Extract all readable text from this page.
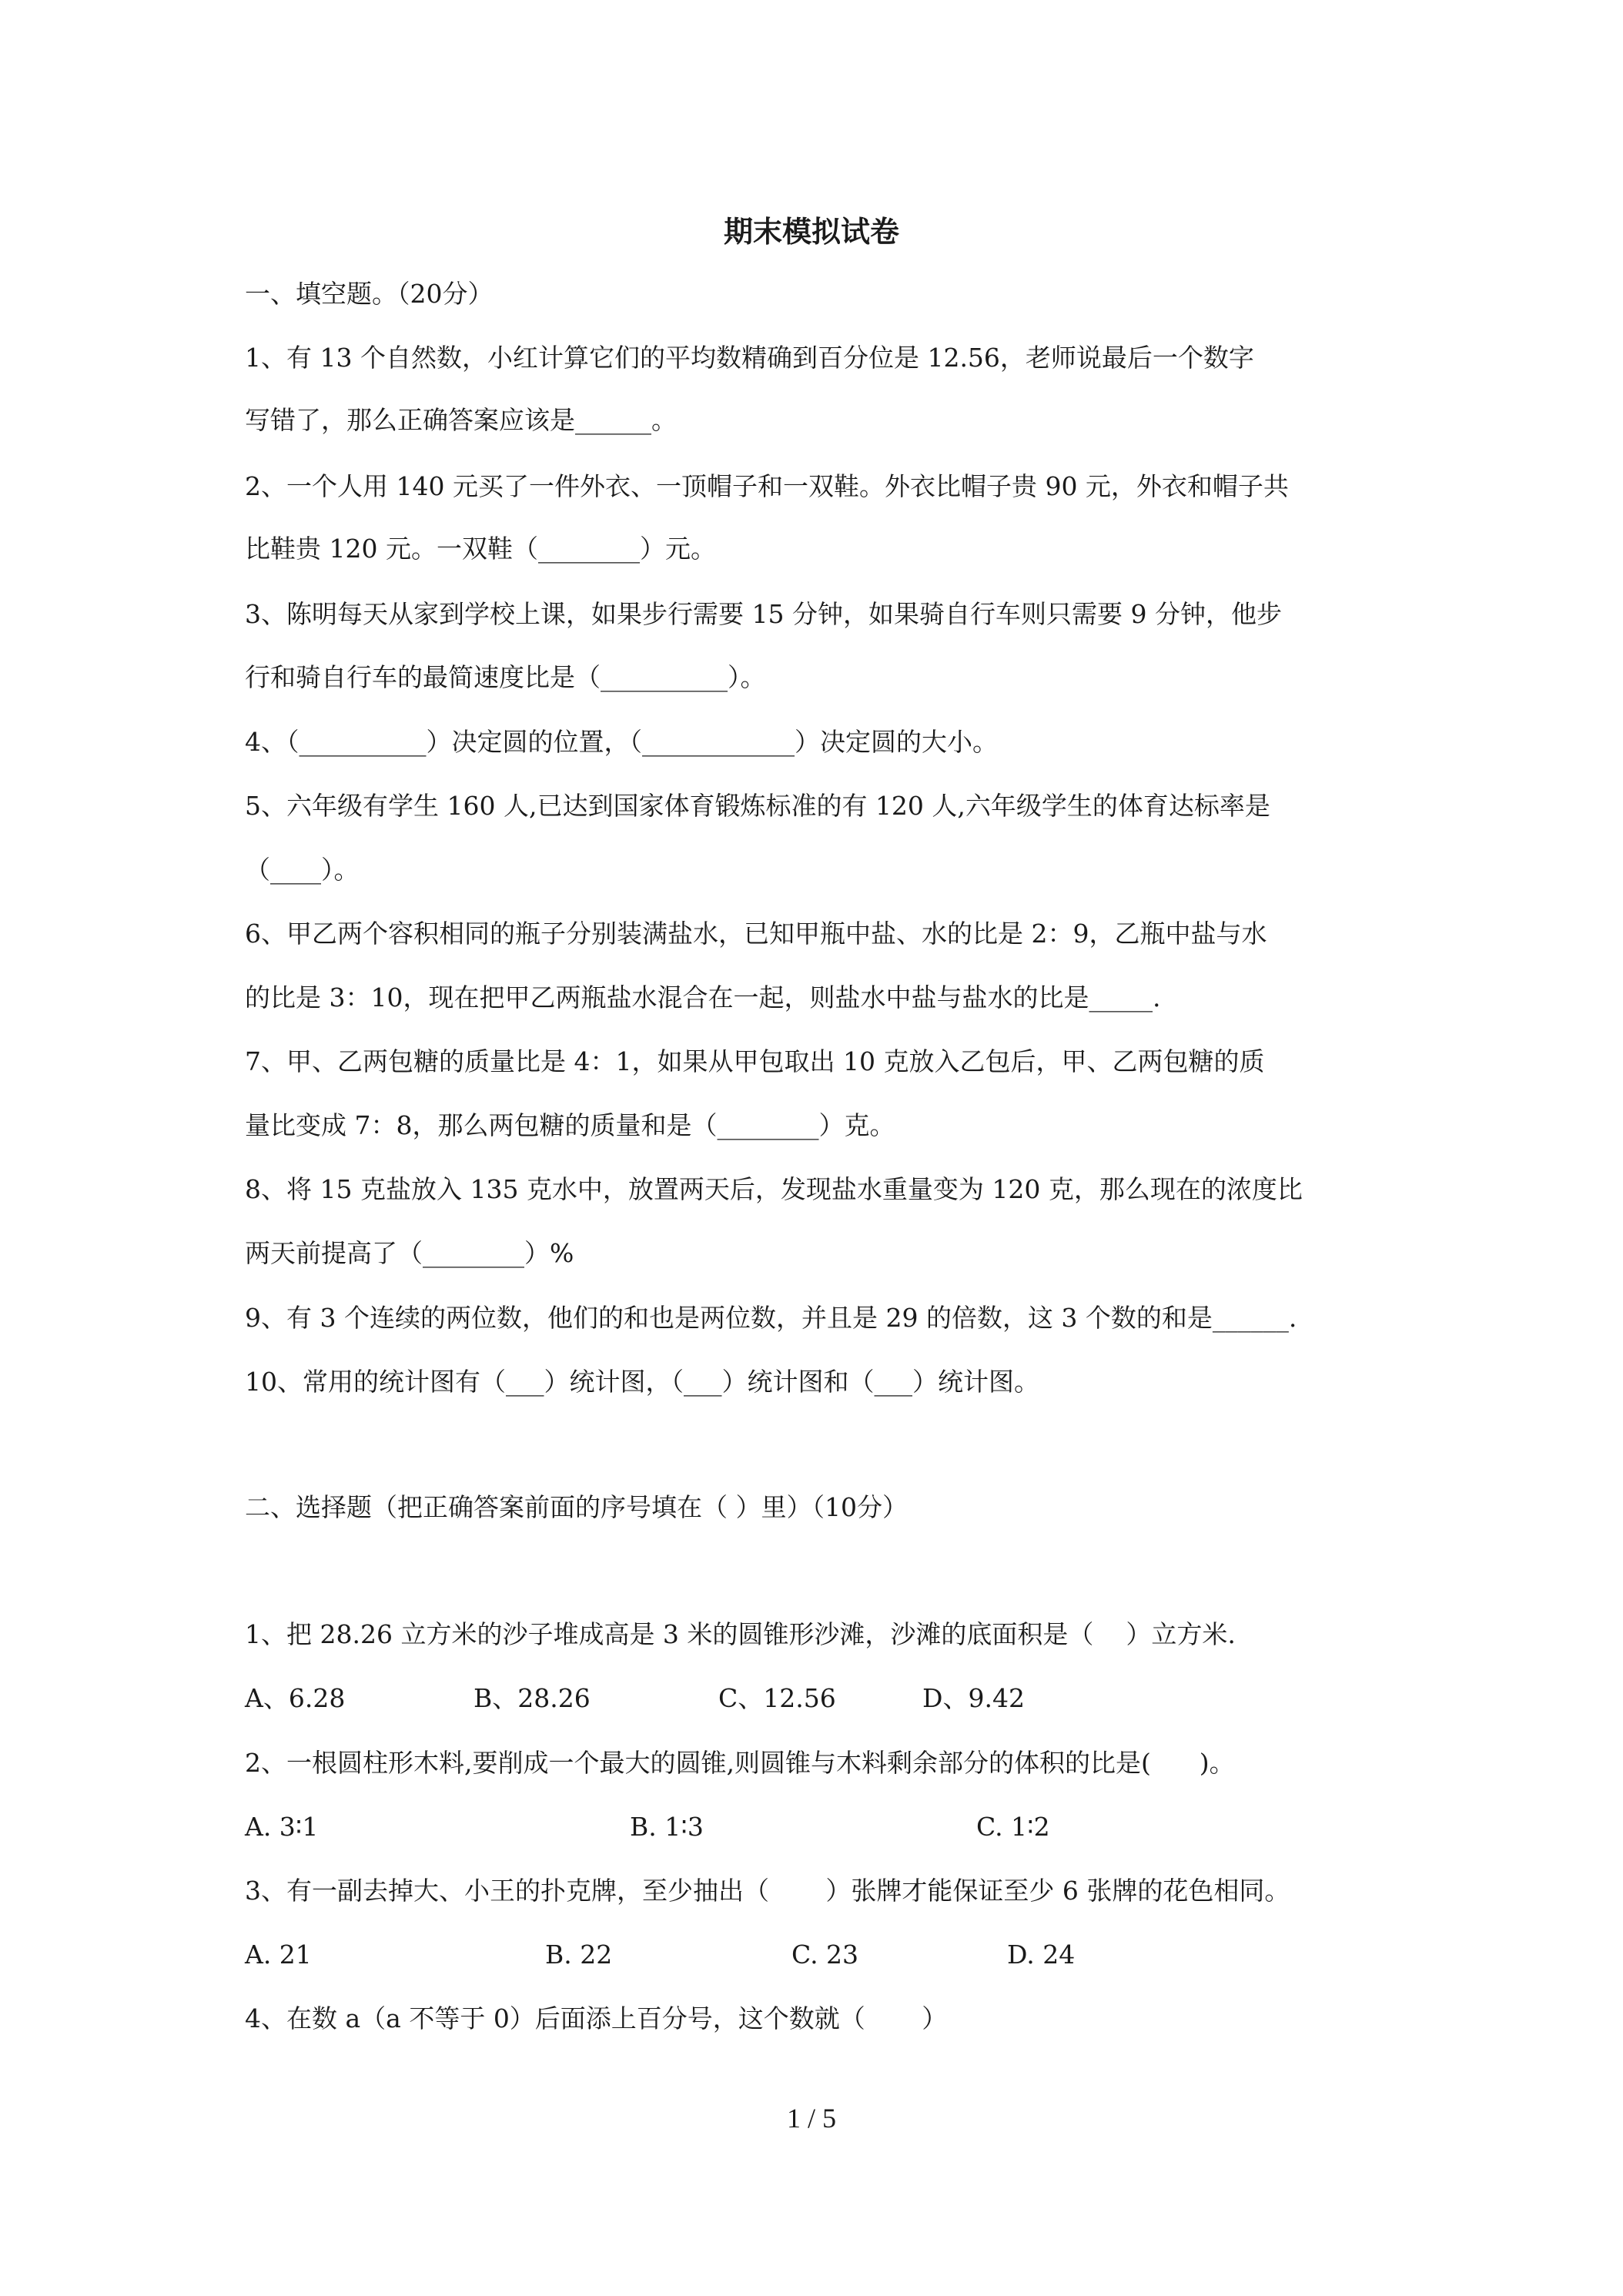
期末模拟试卷
一、填空题。（20分）
1、有 13 个自然数，小红计算它们的平均数精确到百分位是 12.56，老师说最后一个数字
写错了，那么正确答案应该是______。
2、一个人用 140 元买了一件外衣、一顶帽子和一双鞋。外衣比帽子贵 90 元，外衣和帽子共
比鞋贵 120 元。一双鞋（________）元。
3、陈明每天从家到学校上课，如果步行需要 15 分钟，如果骑自行车则只需要 9 分钟，他步
行和骑自行车的最简速度比是（__________）。
4、（__________）决定圆的位置，（____________）决定圆的大小。
5、六年级有学生 160 人,已达到国家体育锻炼标准的有 120 人,六年级学生的体育达标率是
（____）。
6、甲乙两个容积相同的瓶子分别装满盐水，已知甲瓶中盐、水的比是 2：9，乙瓶中盐与水
的比是 3：10，现在把甲乙两瓶盐水混合在一起，则盐水中盐与盐水的比是_____.
7、甲、乙两包糖的质量比是 4：1，如果从甲包取出 10 克放入乙包后，甲、乙两包糖的质
量比变成 7：8，那么两包糖的质量和是（________）克。
8、将 15 克盐放入 135 克水中，放置两天后，发现盐水重量变为 120 克，那么现在的浓度比
两天前提高了（________）%
9、有 3 个连续的两位数，他们的和也是两位数，并且是 29 的倍数，这 3 个数的和是______.
10、常用的统计图有（___）统计图，（___）统计图和（___）统计图。
二、选择题（把正确答案前面的序号填在（ ）里）（10分）
1、把 28.26 立方米的沙子堆成高是 3 米的圆锥形沙滩，沙滩的底面积是（    ）立方米.

A、6.28

	B、28.26

	C、12.56

	D、9.42

2、一根圆柱形木料,要削成一个最大的圆锥,则圆锥与木料剩余部分的体积的比是(      )。

A. 3∶1

	B. 1∶3

	C. 1∶2

3、有一副去掉大、小王的扑克牌，至少抽出（       ）张牌才能保证至少 6 张牌的花色相同。

A. 21

	B. 22

	C. 23

	D. 24

4、在数 a（a 不等于 0）后面添上百分号，这个数就（       ）
1 / 5
